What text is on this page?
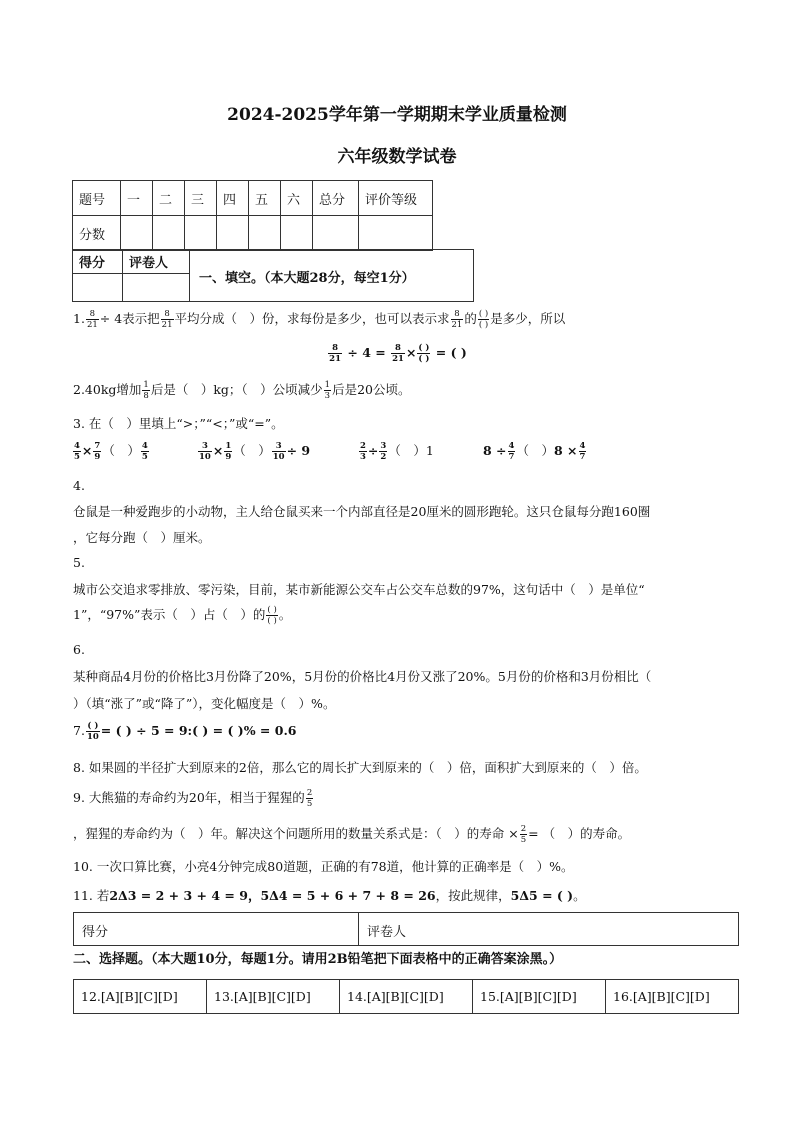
2024-2025学年第一学期期末学业质量检测
六年级数学试卷
题号	一	二	三	四	五	六	总分	评价等级
分数								
得分	评卷人	

一、填空。（本大题28分，每空1分）
1. $\frac{8}{21} \div 4$表示把 $\frac{8}{21}$ 平均分成（　）份，求每份是多少，也可以表示求 $\frac{8}{21}$ 的 $\frac{( )}{( )}$ 是多少，所以
$\frac{8}{21} \div 4 = \frac{8}{21} \times \frac{( )}{( )}$ = ( )
2.40kg增加 $\frac{1}{8}$ 后是（　）kg；（　）公顷减少 $\frac{1}{3}$ 后是20公顷。
3. 在（　）里填上“>；”“<；”或“=”。
$\frac{4}{5} \times \frac{7}{9}$ （　） $\frac{4}{5}$	$\frac{3}{10} \times \frac{1}{9}$ （　） $\frac{3}{10} \div 9$	$\frac{2}{3} \div \frac{3}{2}$ （　）1	$8 \div \frac{4}{7}$ （　）$8 \times \frac{4}{7}$
4.
仓鼠是一种爱跑步的小动物，主人给仓鼠买来一个内部直径是20厘米的圆形跑轮。这只仓鼠每分跑160圈
，它每分跑（　）厘米。
5.
城市公交追求零排放、零污染，目前，某市新能源公交车占公交车总数的97%，这句话中（　）是单位“
1”，“97%”表示（　）占（　）的 $\frac{( )}{( )}$ 。
6.
某种商品4月份的价格比3月份降了20%，5月份的价格比4月份又涨了20%。5月份的价格和3月份相比（
）（填“涨了”或“降了”），变化幅度是（　）%。
7. $\frac{( )}{10}$ = ( ) ÷ 5 = 9:( ) = ( )% = 0.6
8. 如果圆的半径扩大到原来的2倍，那么它的周长扩大到原来的（　）倍，面积扩大到原来的（　）倍。
9. 大熊猫的寿命约为20年，相当于猩猩的 $\frac{2}{5}$
，猩猩的寿命约为（　）年。解决这个问题所用的数量关系式是：（　）的寿命 × $\frac{2}{5}$ = （　）的寿命。
10. 一次口算比赛，小亮4分钟完成80道题，正确的有78道，他计算的正确率是（　）%。
11. 若2Δ3 = 2 + 3 + 4 = 9，5Δ4 = 5 + 6 + 7 + 8 = 26，按此规律，5Δ5 = ( )。
得分	评卷人
二、选择题。（本大题10分，每题1分。请用2B铅笔把下面表格中的正确答案涂黑。）
12.[A][B][C][D]	13.[A][B][C][D]	14.[A][B][C][D]	15.[A][B][C][D]	16.[A][B][C][D]
